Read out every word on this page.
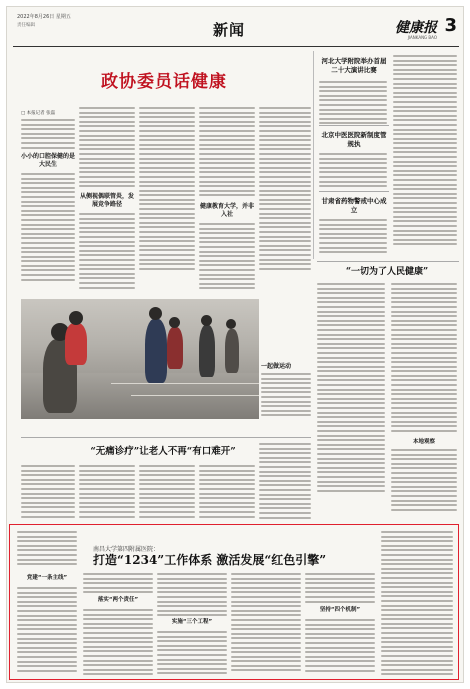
2022年8月26日 星期五
责任编辑	新闻	健康报
JIANKANG BAO
3
政协委员话健康
□ 本报记者 张磊
小小的口腔保健的是大民生
从侧视偶联管炎，发展竞争路径	健康教育大学，并非入社
河北大学附院举办首届二十大演讲比赛
北京中医医院新制度管规执
甘肃省药物警戒中心成立
“一切为了人民健康”
本地观察
一起做运动
“无痛诊疗”让老人不再“有口难开”
南昌大学第四附属医院：
打造“1234”工作体系 激活发展“红色引擎”
党建“一条主线”
落实“两个责任”
实施“三个工程”
坚持“四个机制”
